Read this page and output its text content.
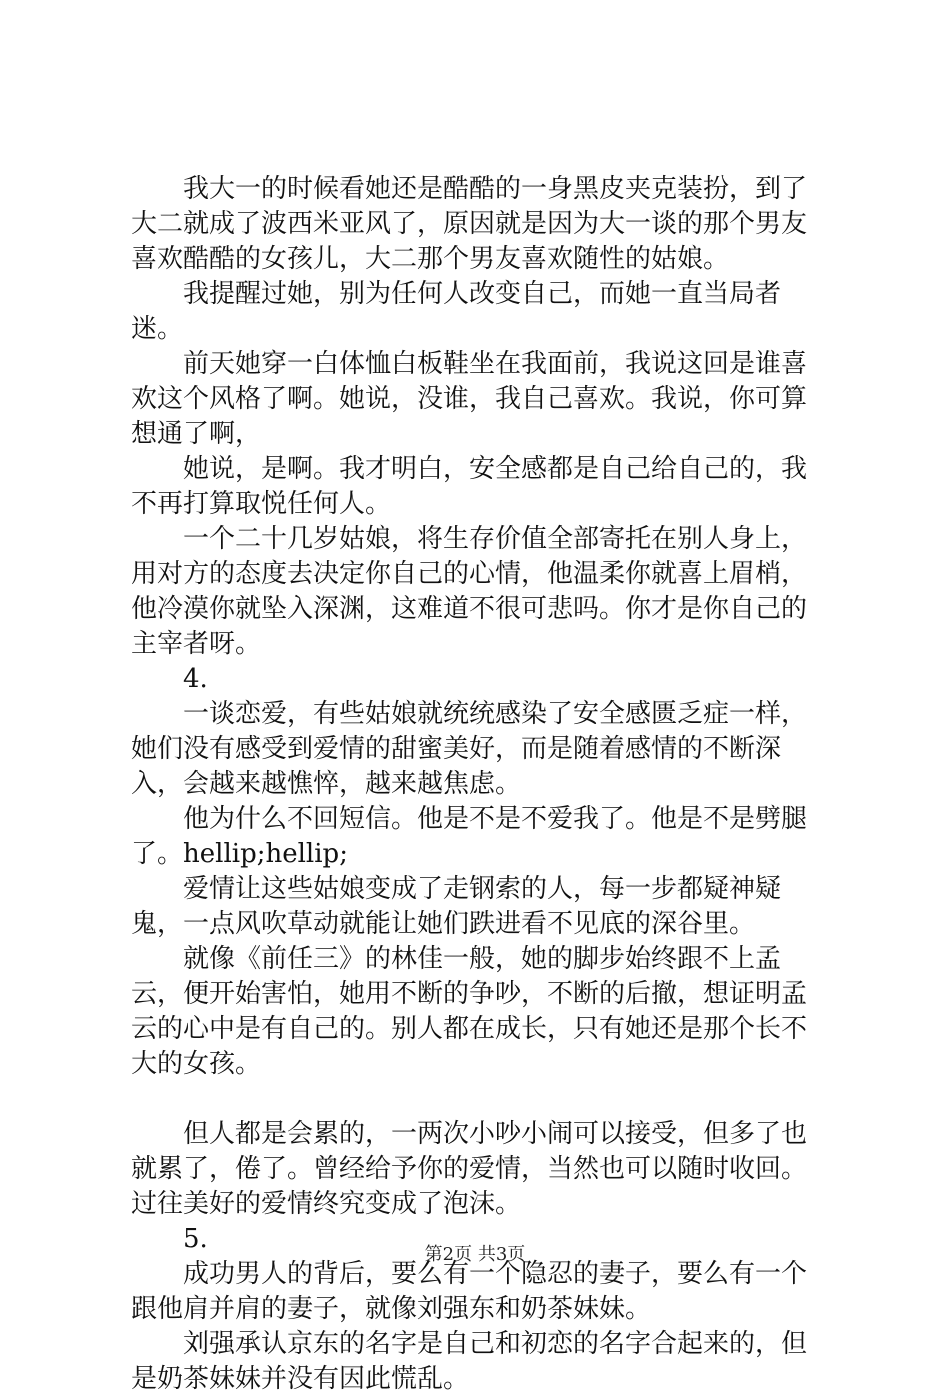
我大一的时候看她还是酷酷的一身黑皮夹克装扮，到了大二就成了波西米亚风了，原因就是因为大一谈的那个男友喜欢酷酷的女孩儿，大二那个男友喜欢随性的姑娘。

我提醒过她，别为任何人改变自己，而她一直当局者迷。

前天她穿一白体恤白板鞋坐在我面前，我说这回是谁喜欢这个风格了啊。她说，没谁，我自己喜欢。我说，你可算想通了啊，

她说，是啊。我才明白，安全感都是自己给自己的，我不再打算取悦任何人。

一个二十几岁姑娘，将生存价值全部寄托在别人身上，用对方的态度去决定你自己的心情，他温柔你就喜上眉梢，他冷漠你就坠入深渊，这难道不很可悲吗。你才是你自己的主宰者呀。

4.

一谈恋爱，有些姑娘就统统感染了安全感匮乏症一样，她们没有感受到爱情的甜蜜美好，而是随着感情的不断深入，会越来越憔悴，越来越焦虑。

他为什么不回短信。他是不是不爱我了。他是不是劈腿了。hellip;hellip;

爱情让这些姑娘变成了走钢索的人，每一步都疑神疑鬼，一点风吹草动就能让她们跌进看不见底的深谷里。

就像《前任三》的林佳一般，她的脚步始终跟不上孟云，便开始害怕，她用不断的争吵，不断的后撤，想证明孟云的心中是有自己的。别人都在成长，只有她还是那个长不大的女孩。

但人都是会累的，一两次小吵小闹可以接受，但多了也就累了，倦了。曾经给予你的爱情，当然也可以随时收回。过往美好的爱情终究变成了泡沫。

5.

成功男人的背后，要么有一个隐忍的妻子，要么有一个跟他肩并肩的妻子，就像刘强东和奶茶妹妹。

刘强承认京东的名字是自己和初恋的名字合起来的，但是奶茶妹妹并没有因此慌乱。

第2页 共3页
